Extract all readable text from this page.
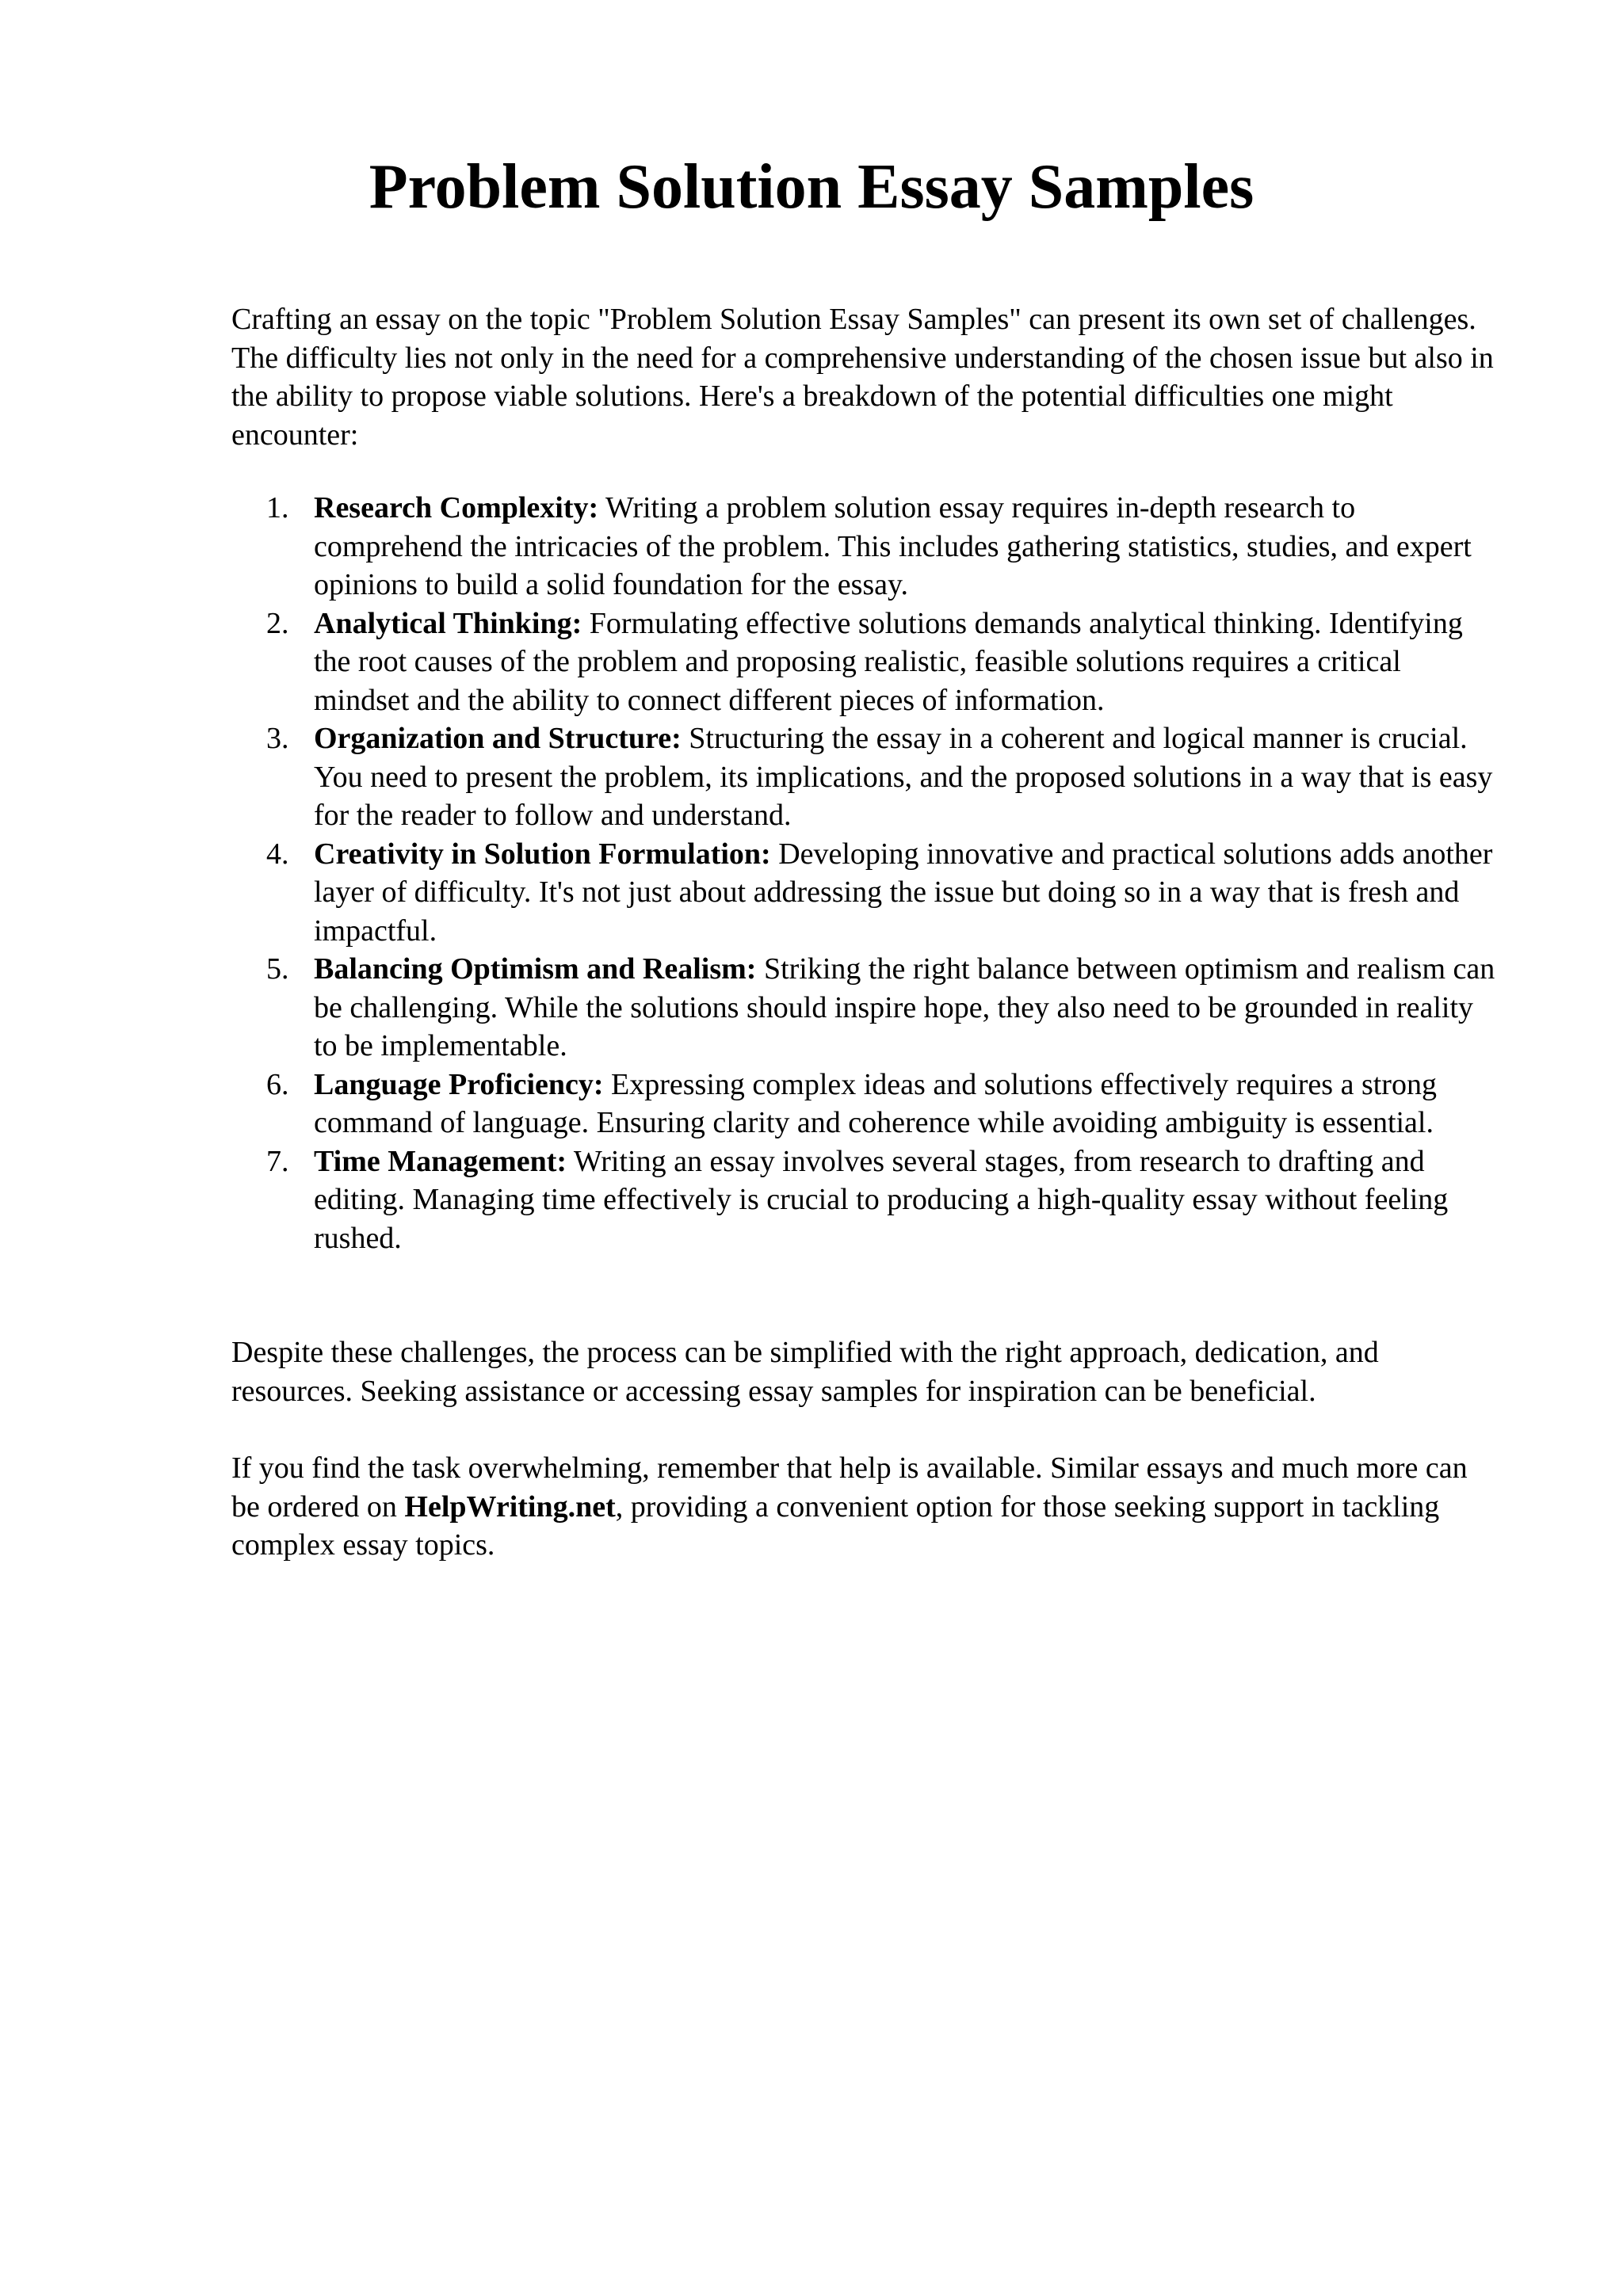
Problem Solution Essay Samples

Crafting an essay on the topic "Problem Solution Essay Samples" can present its own set of challenges. The difficulty lies not only in the need for a comprehensive understanding of the chosen issue but also in the ability to propose viable solutions. Here's a breakdown of the potential difficulties one might encounter:

1. Research Complexity: Writing a problem solution essay requires in-depth research to comprehend the intricacies of the problem. This includes gathering statistics, studies, and expert opinions to build a solid foundation for the essay.
2. Analytical Thinking: Formulating effective solutions demands analytical thinking. Identifying the root causes of the problem and proposing realistic, feasible solutions requires a critical mindset and the ability to connect different pieces of information.
3. Organization and Structure: Structuring the essay in a coherent and logical manner is crucial. You need to present the problem, its implications, and the proposed solutions in a way that is easy for the reader to follow and understand.
4. Creativity in Solution Formulation: Developing innovative and practical solutions adds another layer of difficulty. It's not just about addressing the issue but doing so in a way that is fresh and impactful.
5. Balancing Optimism and Realism: Striking the right balance between optimism and realism can be challenging. While the solutions should inspire hope, they also need to be grounded in reality to be implementable.
6. Language Proficiency: Expressing complex ideas and solutions effectively requires a strong command of language. Ensuring clarity and coherence while avoiding ambiguity is essential.
7. Time Management: Writing an essay involves several stages, from research to drafting and editing. Managing time effectively is crucial to producing a high-quality essay without feeling rushed.

Despite these challenges, the process can be simplified with the right approach, dedication, and resources. Seeking assistance or accessing essay samples for inspiration can be beneficial.

If you find the task overwhelming, remember that help is available. Similar essays and much more can be ordered on HelpWriting.net, providing a convenient option for those seeking support in tackling complex essay topics.
